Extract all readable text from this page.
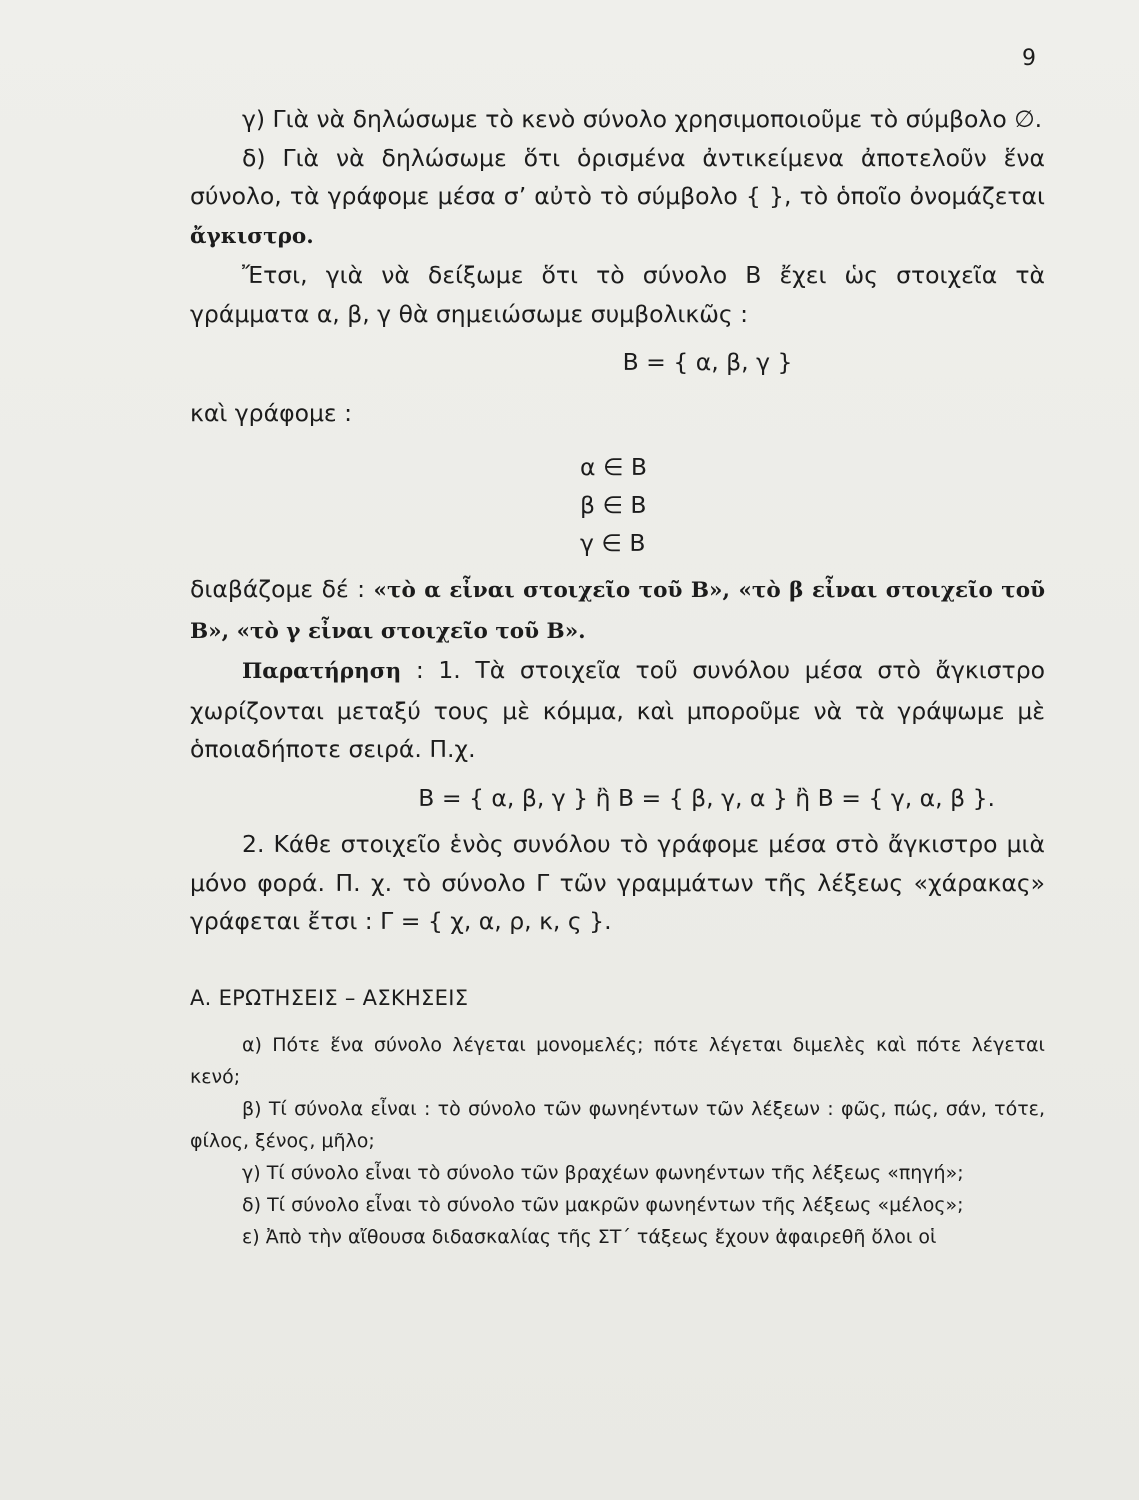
9

γ) Γιὰ νὰ δηλώσωμε τὸ κενὸ σύνολο χρησιμοποιοῦμε τὸ σύμβολο ∅.

δ) Γιὰ νὰ δηλώσωμε ὅτι ὁρισμένα ἀντικείμενα ἀποτελοῦν ἕνα σύνολο, τὰ γράφομε μέσα σ’ αὐτὸ τὸ σύμβολο { }, τὸ ὁποῖο ὀνομάζεται ἄγκιστρο.

Ἔτσι, γιὰ νὰ δείξωμε ὅτι τὸ σύνολο Β ἔχει ὡς στοιχεῖα τὰ γράμματα α, β, γ θὰ σημειώσωμε συμβολικῶς :

Β = { α, β, γ }

καὶ γράφομε :

α ∈ Β
β ∈ Β
γ ∈ Β

διαβάζομε δέ : «τὸ α εἶναι στοιχεῖο τοῦ Β», «τὸ β εἶναι στοιχεῖο τοῦ Β», «τὸ γ εἶναι στοιχεῖο τοῦ Β».

Παρατήρηση : 1. Τὰ στοιχεῖα τοῦ συνόλου μέσα στὸ ἄγκιστρο χωρίζονται μεταξύ τους μὲ κόμμα, καὶ μποροῦμε νὰ τὰ γράψωμε μὲ ὁποιαδήποτε σειρά. Π.χ.

Β = { α, β, γ } ἢ Β = { β, γ, α } ἢ Β = { γ, α, β }.

2. Κάθε στοιχεῖο ἑνὸς συνόλου τὸ γράφομε μέσα στὸ ἄγκιστρο μιὰ μόνο φορά. Π. χ. τὸ σύνολο Γ τῶν γραμμάτων τῆς λέξεως «χάρακας» γράφεται ἔτσι : Γ = { χ, α, ρ, κ, ς }.

Α. ΕΡΩΤΗΣΕΙΣ – ΑΣΚΗΣΕΙΣ

α) Πότε ἕνα σύνολο λέγεται μονομελές; πότε λέγεται διμελὲς καὶ πότε λέγεται κενό;

β) Τί σύνολα εἶναι : τὸ σύνολο τῶν φωνηέντων τῶν λέξεων : φῶς, πώς, σάν, τότε, φίλος, ξένος, μῆλο;

γ) Τί σύνολο εἶναι τὸ σύνολο τῶν βραχέων φωνηέντων τῆς λέξεως «πηγή»;

δ) Τί σύνολο εἶναι τὸ σύνολο τῶν μακρῶν φωνηέντων τῆς λέξεως «μέλος»;

ε) Ἀπὸ τὴν αἴθουσα διδασκαλίας τῆς ΣΤ΄ τάξεως ἔχουν ἀφαιρεθῆ ὅλοι οἱ
